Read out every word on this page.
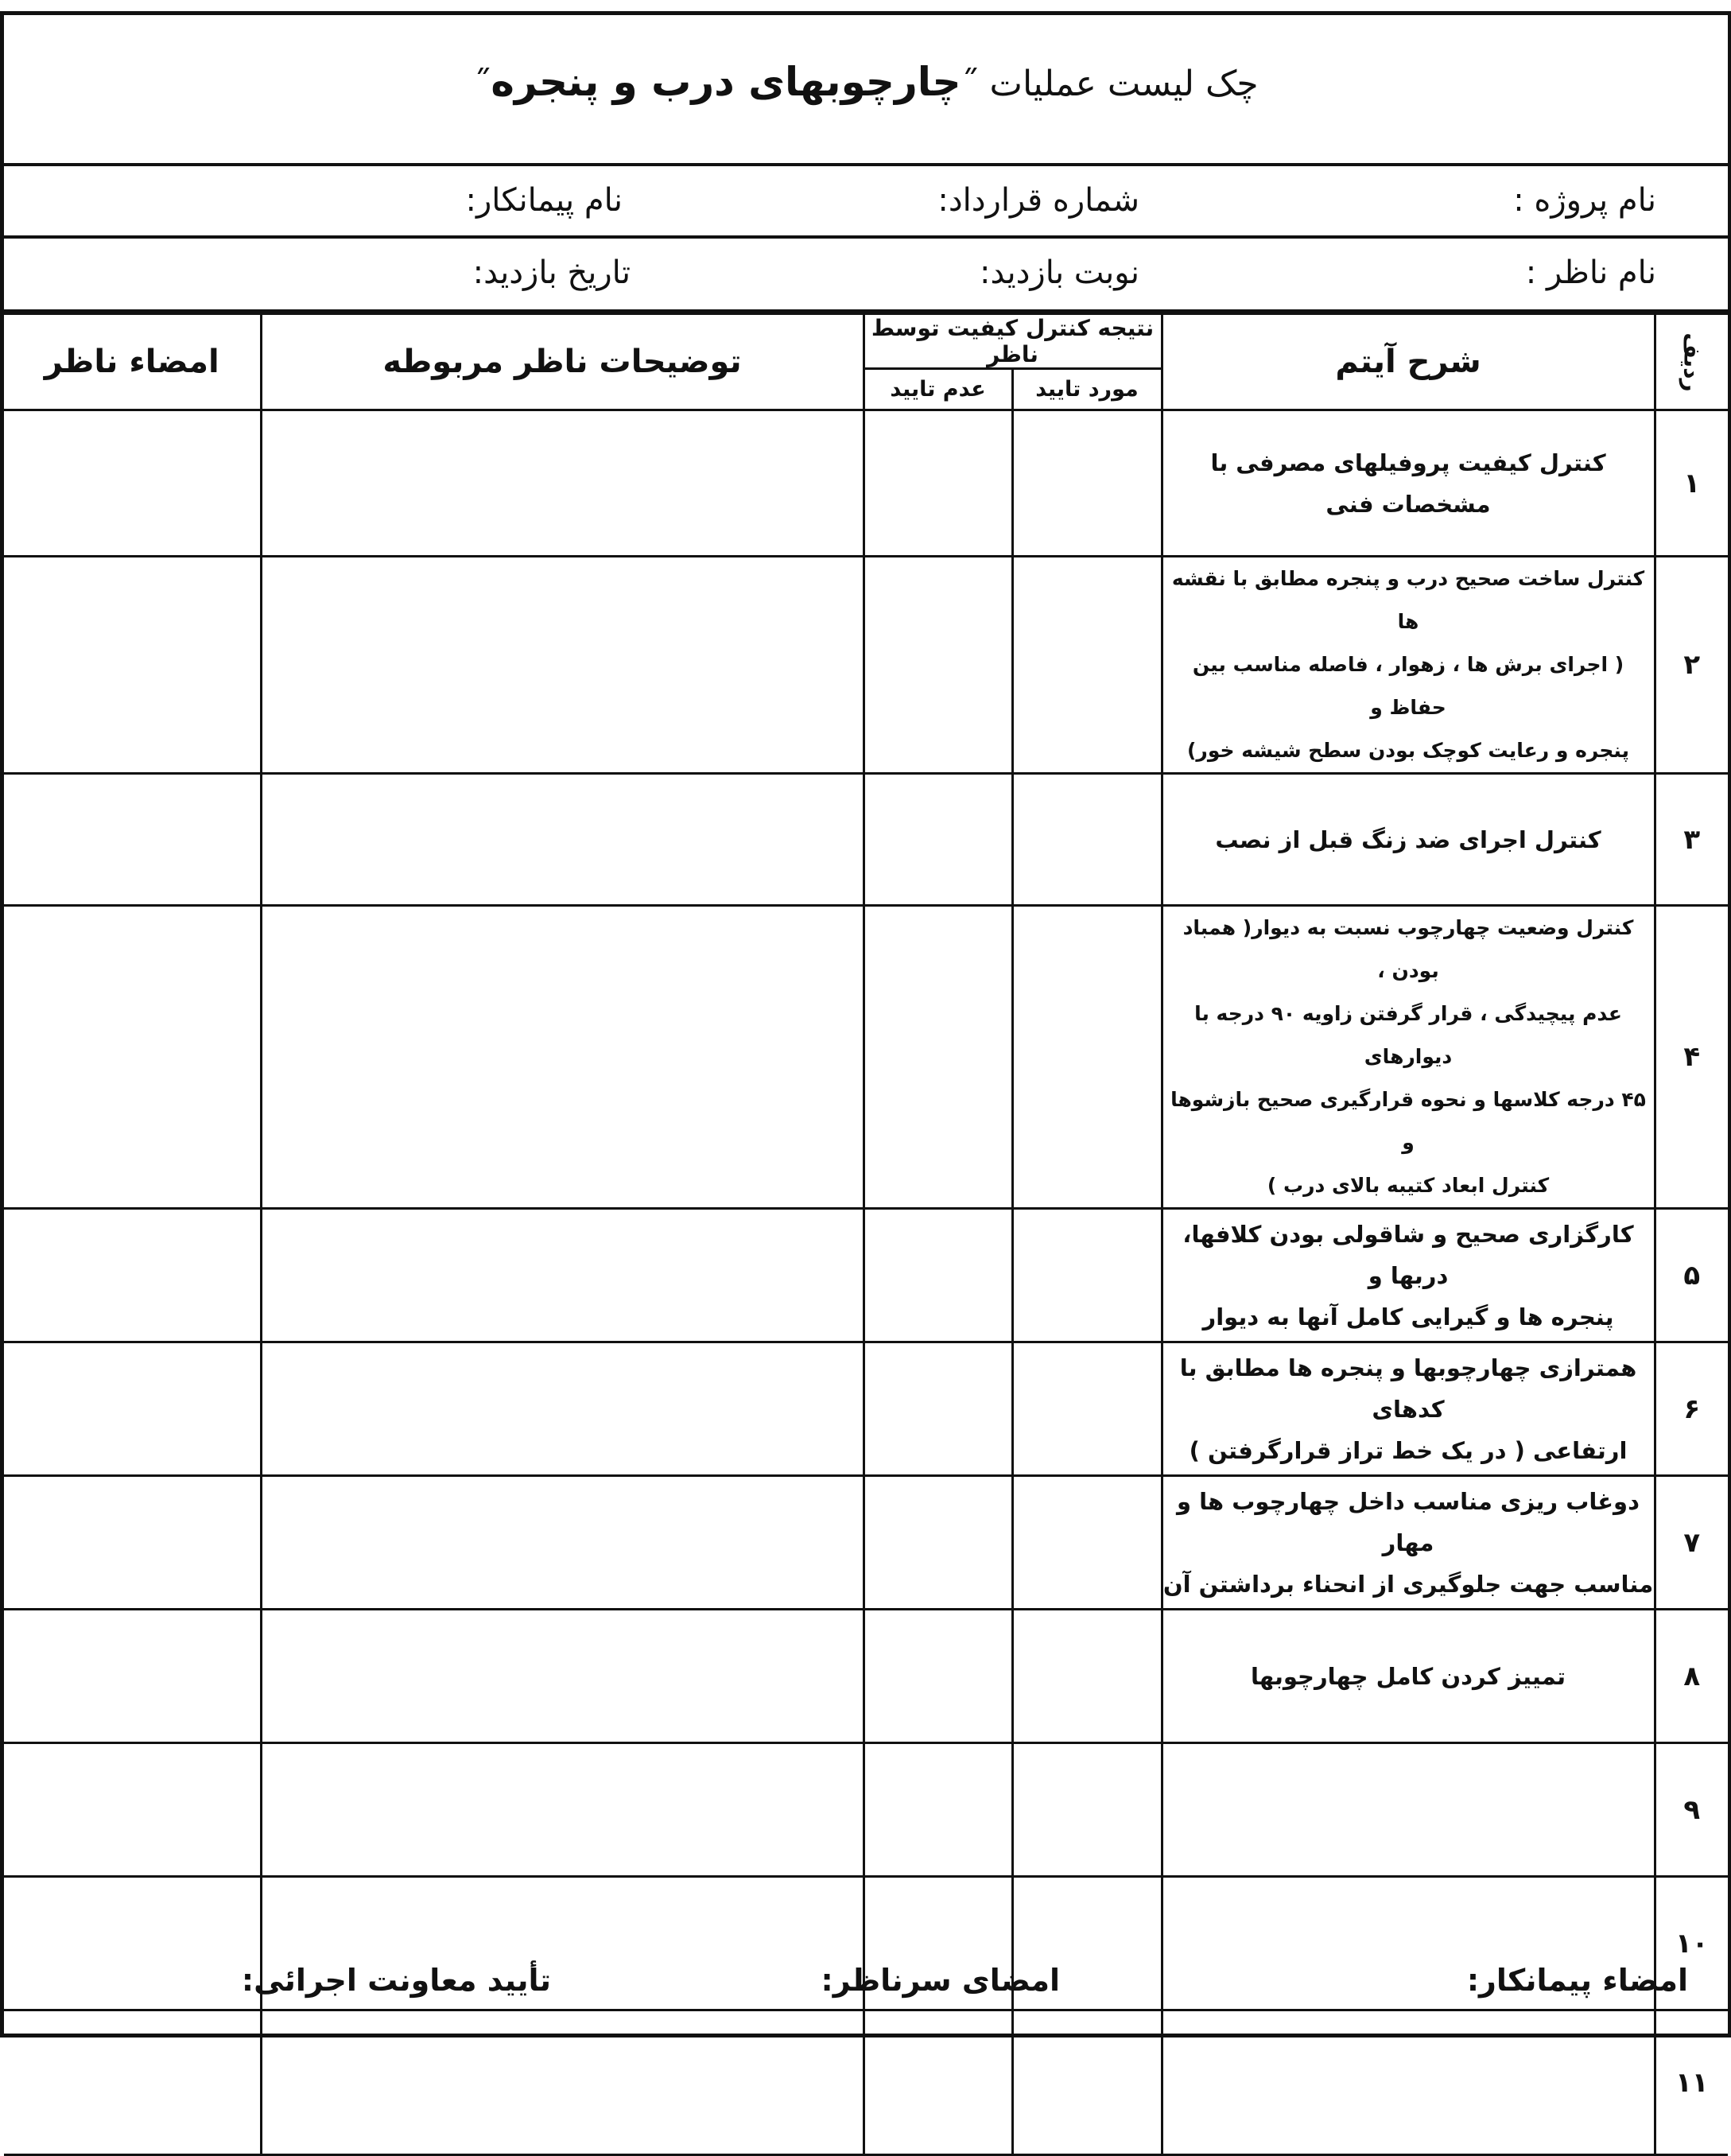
چک لیست عملیات ˝چارچوبهای درب و پنجره˝
نام پروژه :
شماره قرارداد:
نام پیمانکار:
نام ناظر :
نوبت بازدید:
تاریخ بازدید:
ردیف	شرح آیتم	نتیجه کنترل کیفیت توسط ناظر		توضیحات ناظر مربوطه	امضاء ناظر
		مورد تایید	عدم تایید		
۱	کنترل کیفیت پروفیلهای مصرفی با مشخصات فنی				

۲	کنترل ساخت صحیح درب و پنجره مطابق با نقشه ها
( اجرای برش ها ، زهوار ، فاصله مناسب بین حفاظ و
پنجره و رعایت کوچک بودن سطح شیشه خور)				

۳	کنترل اجرای ضد زنگ قبل از نصب				

۴	کنترل وضعیت چهارچوب نسبت به دیوار( همباد بودن ،
عدم پیچیدگی ، قرار گرفتن زاویه ۹۰ درجه با دیوارهای
۴۵ درجه کلاسها و نحوه قرارگیری صحیح بازشوها و
کنترل ابعاد کتیبه بالای درب )				

۵	کارگزاری صحیح و شاقولی بودن کلافها، دربها و
پنجره ها و گیرایی کامل آنها به دیوار				

۶	همترازی چهارچوبها و پنجره ها مطابق با کدهای
ارتفاعی ( در یک خط تراز قرارگرفتن )				

۷	دوغاب ریزی مناسب داخل چهارچوب ها و مهار
مناسب جهت جلوگیری از انحناء برداشتن آن				

۸	تمییز کردن کامل چهارچوبها				

۹					
۱۰					
۱۱					
امضاء پیمانکار:
امضای سرناظر:
تأیید معاونت اجرائی:
